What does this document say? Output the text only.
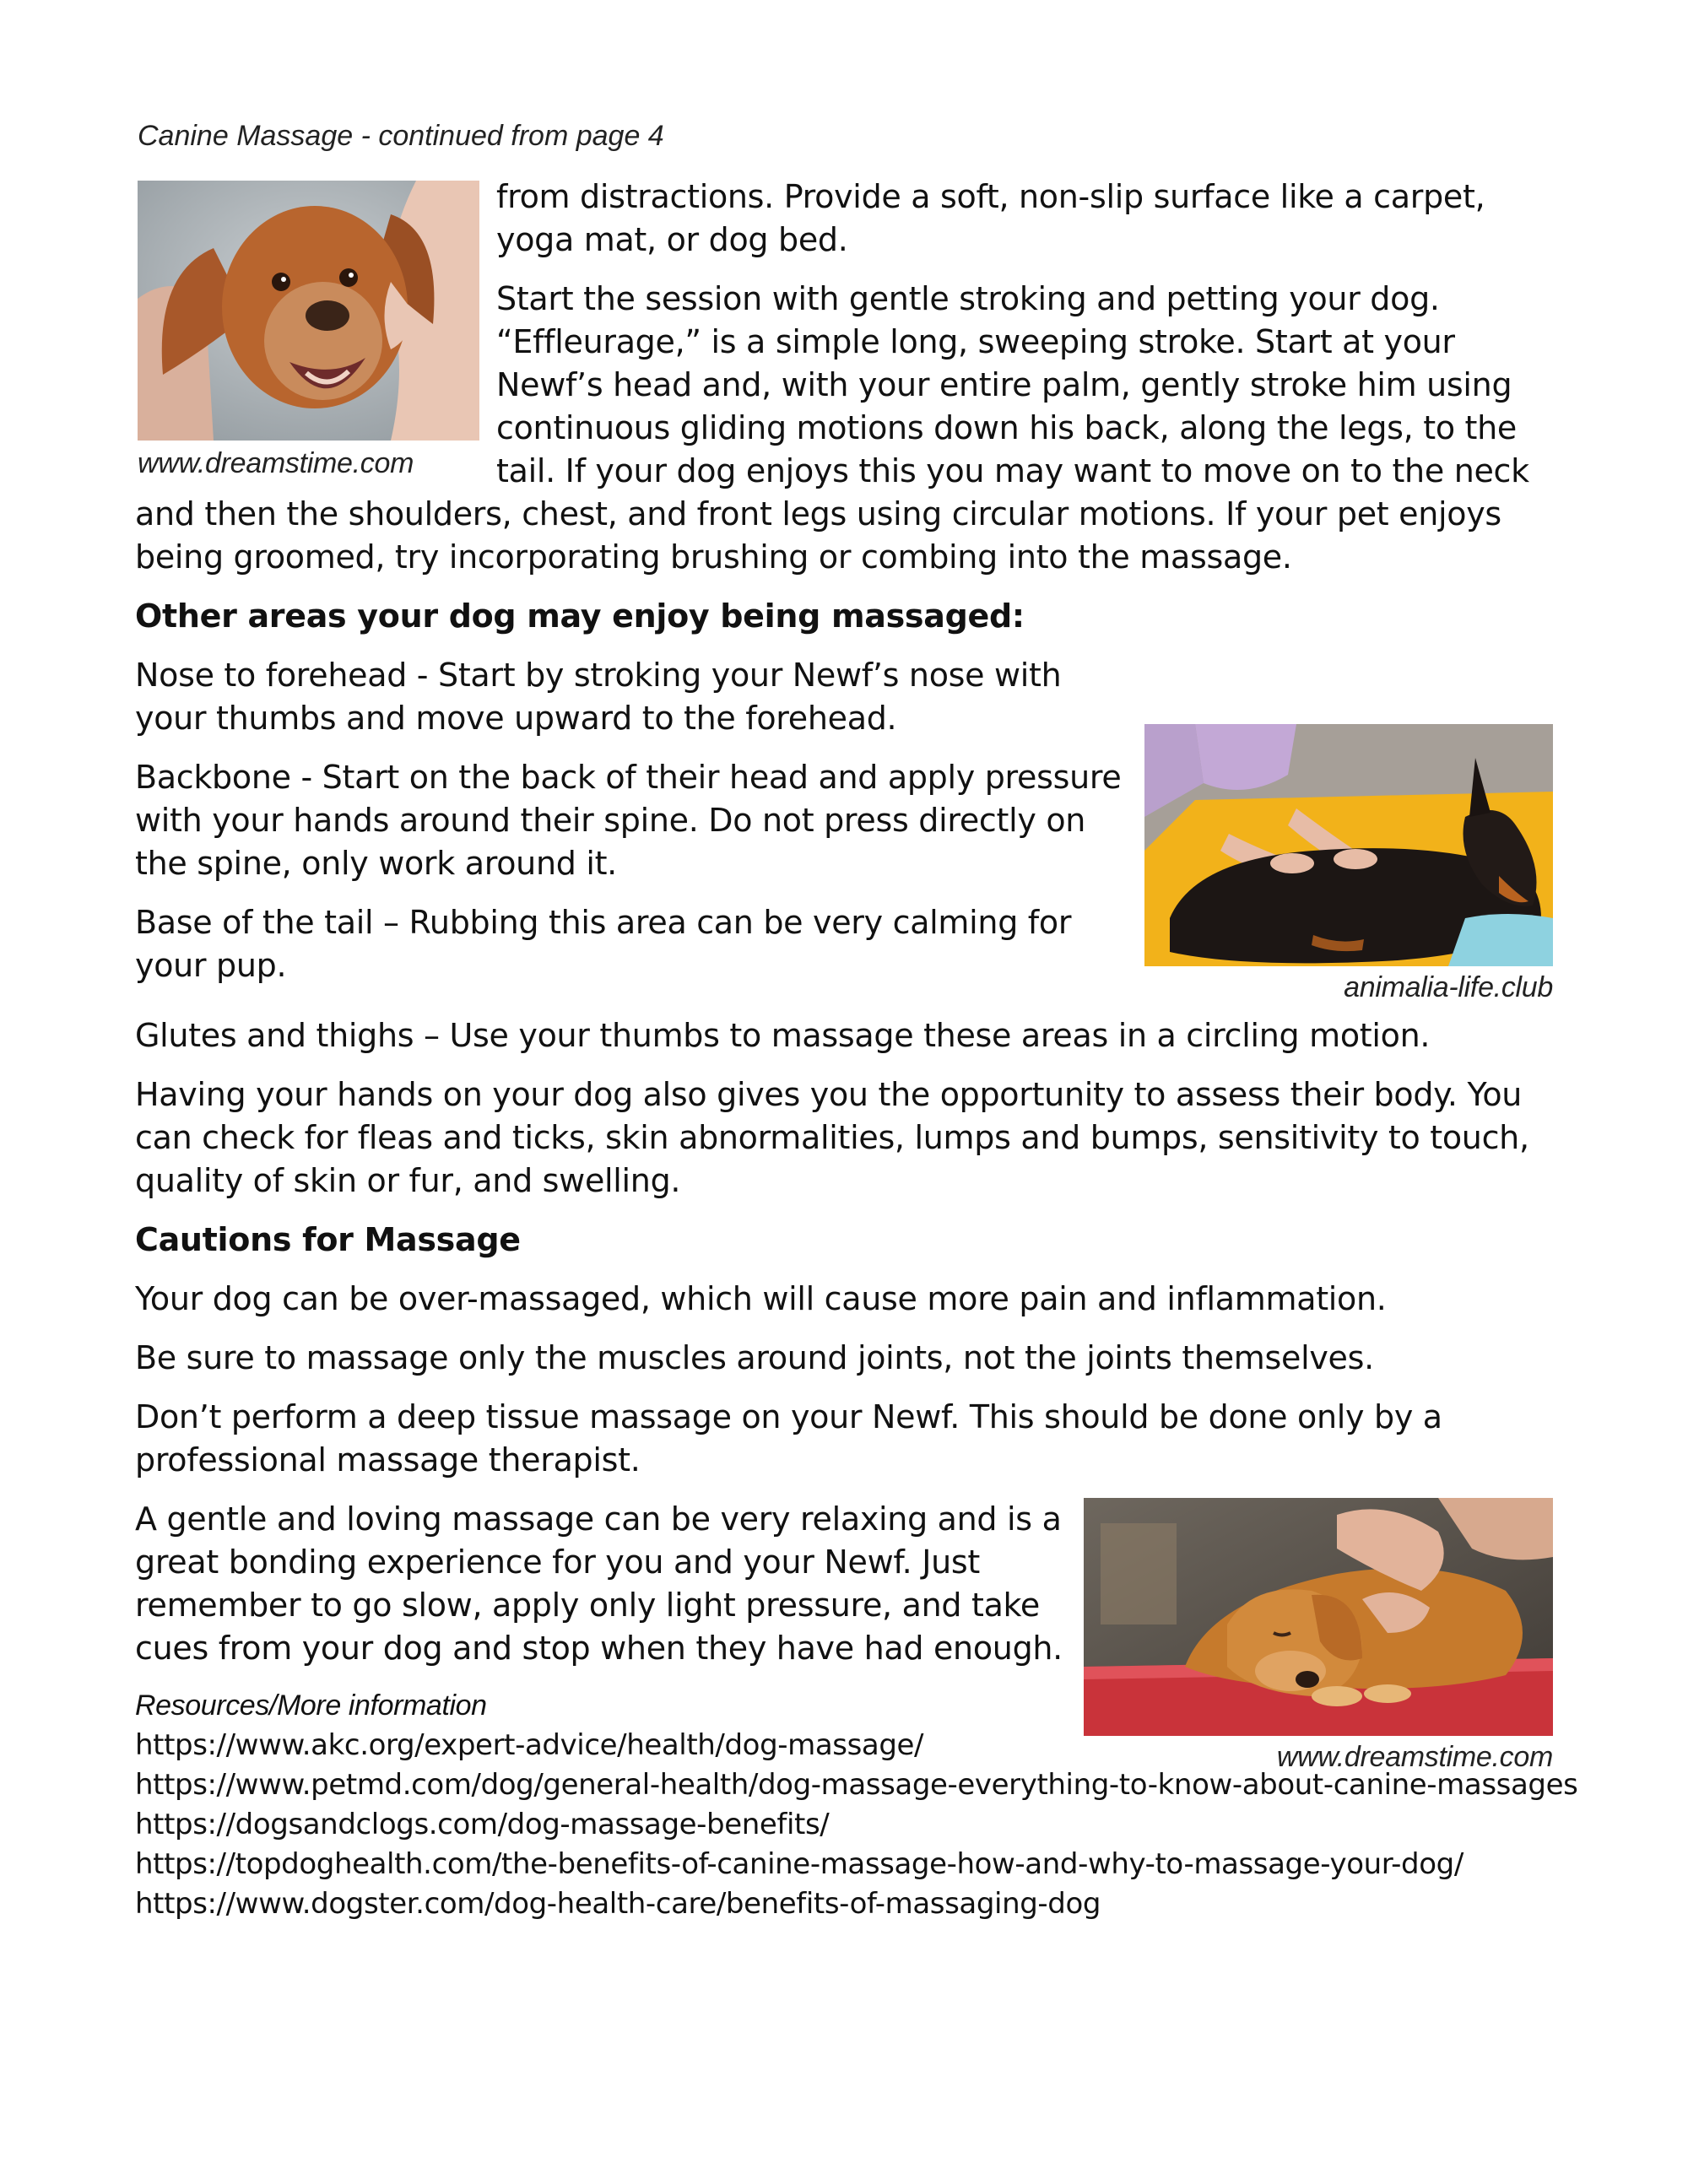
Canine Massage - continued from page 4
www.dreamstime.com

from distractions. Provide a soft, non-slip surface like a carpet, yoga mat, or dog bed.

Start the session with gentle stroking and petting your dog. “Effleurage,” is a simple long, sweeping stroke. Start at your Newf’s head and, with your entire palm, gently stroke him using continuous gliding motions down his back, along the legs, to the tail. If your dog enjoys this you may want to move on to the neck and then the shoulders, chest, and front legs using circular motions. If your pet enjoys being groomed, try incorporating brushing or combing into the massage.

Other areas your dog may enjoy being massaged:

Nose to forehead - Start by stroking your Newf’s nose with your thumbs and move upward to the forehead.

animalia-life.club

Backbone - Start on the back of their head and apply pressure with your hands around their spine. Do not press directly on the spine, only work around it.

Base of the tail – Rubbing this area can be very calming for your pup.

Glutes and thighs – Use your thumbs to massage these areas in a circling motion.

Having your hands on your dog also gives you the opportunity to assess their body. You can check for fleas and ticks, skin abnormalities, lumps and bumps, sensitivity to touch, quality of skin or fur, and swelling.

Cautions for Massage

Your dog can be over-massaged, which will cause more pain and inflammation.

Be sure to massage only the muscles around joints, not the joints themselves.

Don’t perform a deep tissue massage on your Newf. This should be done only by a professional massage therapist.

www.dreamstime.com

A gentle and loving massage can be very relaxing and is a great bonding experience for you and your Newf. Just remember to go slow, apply only light pressure, and take cues from your dog and stop when they have had enough.

Resources/More information
https://www.akc.org/expert-advice/health/dog-massage/
https://www.petmd.com/dog/general-health/dog-massage-everything-to-know-about-canine-massages
https://dogsandclogs.com/dog-massage-benefits/
https://topdoghealth.com/the-benefits-of-canine-massage-how-and-why-to-massage-your-dog/
https://www.dogster.com/dog-health-care/benefits-of-massaging-dog
